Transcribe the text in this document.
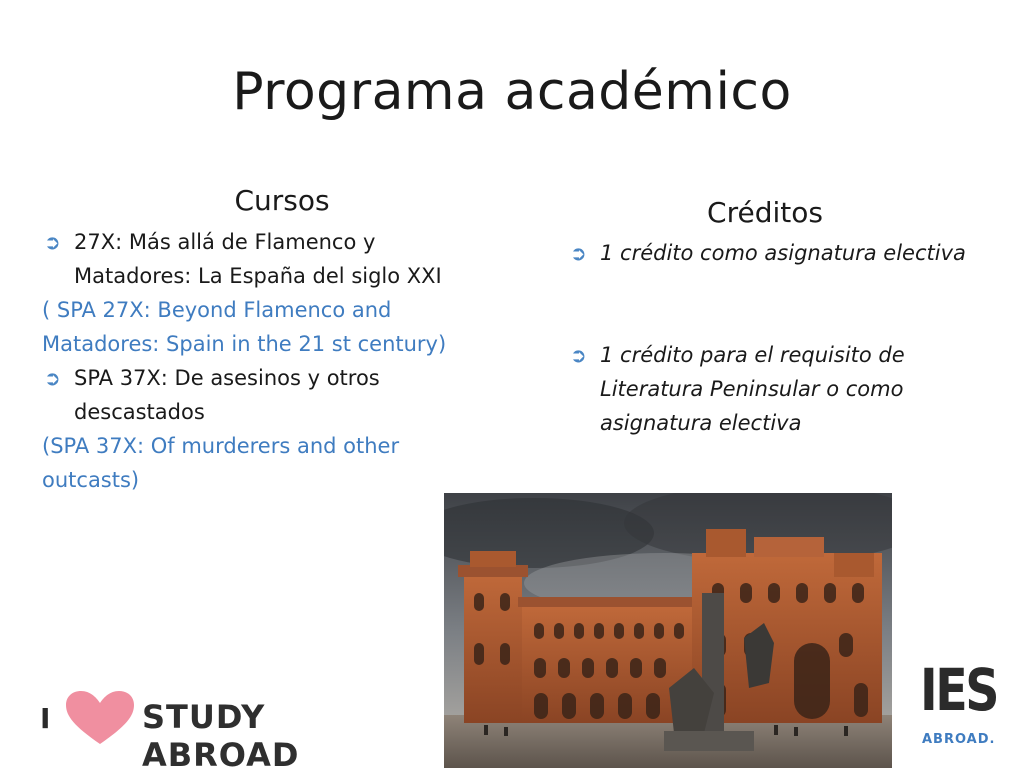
Programa académico
Cursos
➲ 27X: Más allá de Flamenco y Matadores: La España del siglo XXI
( SPA 27X: Beyond Flamenco and Matadores: Spain in the 21 st century)
➲ SPA 37X: De asesinos y otros descastados
(SPA 37X: Of murderers and other outcasts)
Créditos
➲ 1 crédito como asignatura electiva
➲ 1 crédito para el requisito de Literatura Peninsular o como asignatura electiva
I	STUDY ABROAD
IES
ABROAD.
